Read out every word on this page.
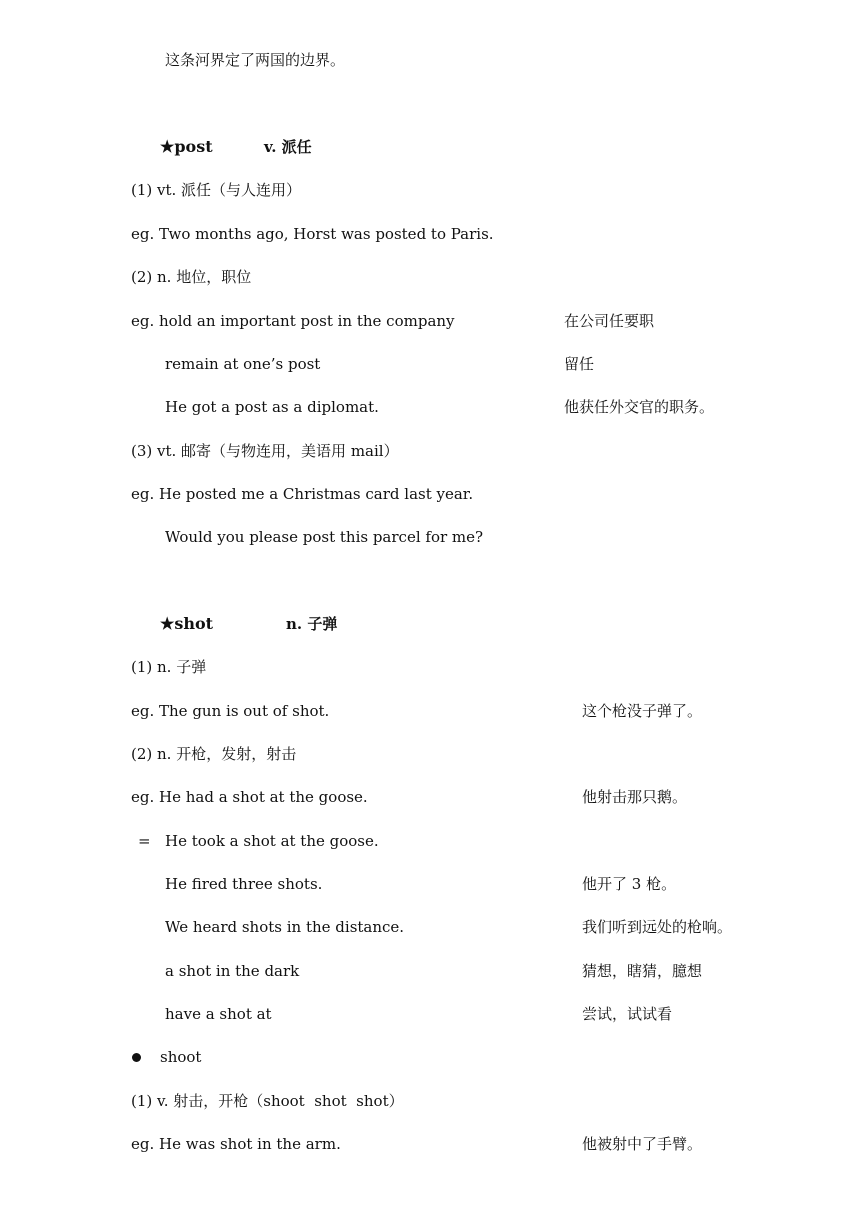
这条河界定了两国的边界。
★post	v. 派任
(1) vt. 派任（与人连用）
eg. Two months ago, Horst was posted to Paris.
(2) n. 地位，职位
eg. hold an important post in the company	在公司任要职
remain at one’s post	留任
He got a post as a diplomat.	他获任外交官的职务。
(3) vt. 邮寄（与物连用，美语用 mail）
eg. He posted me a Christmas card last year.
Would you please post this parcel for me?
★shot	n. 子弹
(1) n. 子弹
eg. The gun is out of shot.	这个枪没子弹了。
(2) n. 开枪，发射，射击
eg. He had a shot at the goose.	他射击那只鹅。
= He took a shot at the goose.
He fired three shots.	他开了 3 枪。
We heard shots in the distance.	我们听到远处的枪响。
a shot in the dark	猜想，瞎猜，臆想
have a shot at	尝试，试试看
shoot
(1) v. 射击，开枪（shoot  shot  shot）
eg. He was shot in the arm.	他被射中了手臂。
